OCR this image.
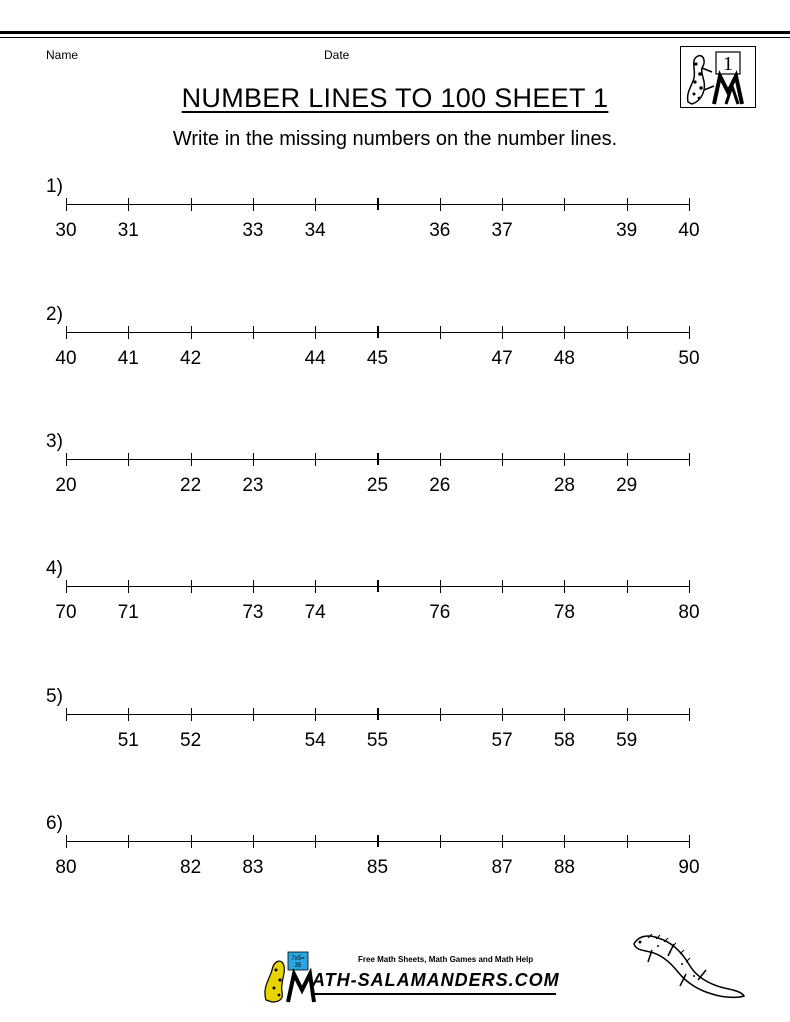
Name	Date	1
NUMBER LINES TO 100 SHEET 1
Write in the missing numbers on the number lines.
1)
30 31	33 34	36 37	39 40
2)
40 41 42	44 45	47 48	50
3)
20	22 23	25 26	28 29
4)
70 71	73 74	76	78	80
5)
51 52	54 55	57 58 59
6)
80	82 83	85	87 88	90
7x5=
35
Free Math Sheets, Math Games and Math Help
ATH-SALAMANDERS.COM
